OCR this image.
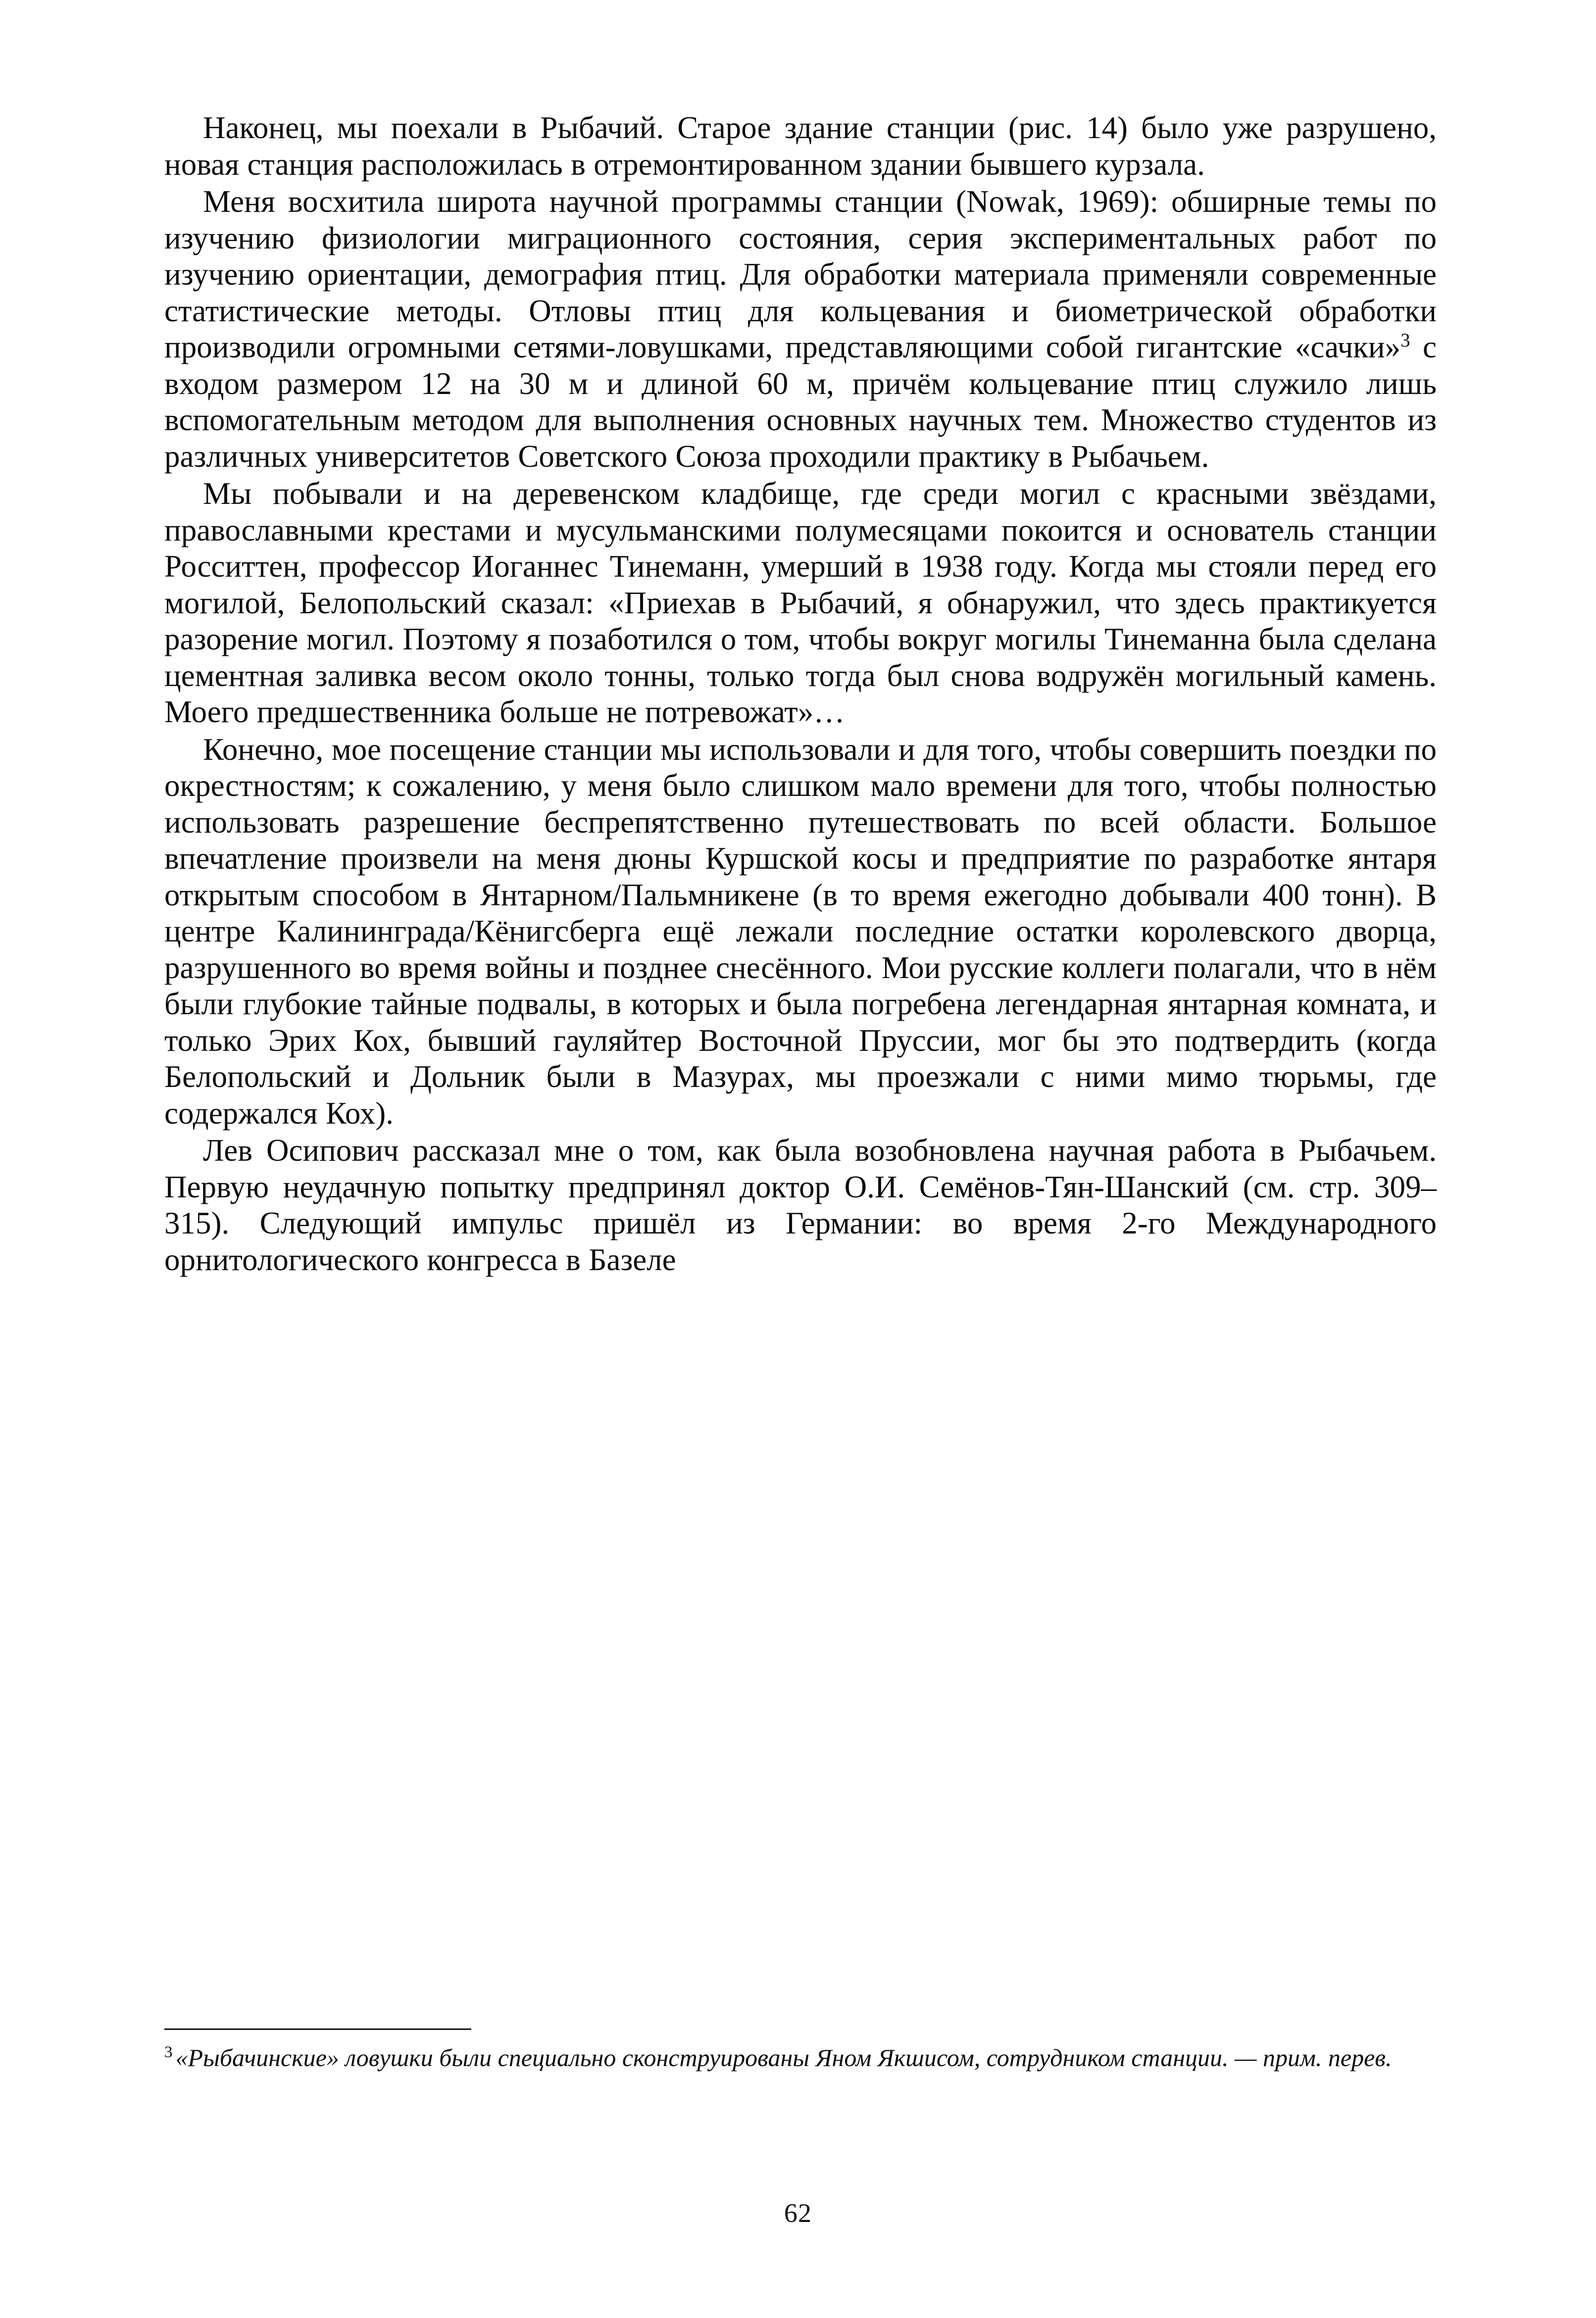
Наконец, мы поехали в Рыбачий. Старое здание станции (рис. 14) было уже разрушено, новая станция расположилась в отремонтированном здании бывшего курзала.

Меня восхитила широта научной программы станции (Nowak, 1969): обширные темы по изучению физиологии миграционного состояния, серия экспериментальных работ по изучению ориентации, демография птиц. Для обработки материала применяли современные статистические методы. Отловы птиц для кольцевания и биометрической обработки производили огромными сетями-ловушками, представляющими собой гигантские «сачки»$^3$ с входом размером 12 на 30 м и длиной 60 м, причём кольцевание птиц служило лишь вспомогательным методом для выполнения основных научных тем. Множество студентов из различных университетов Советского Союза проходили практику в Рыбачьем.

Мы побывали и на деревенском кладбище, где среди могил с красными звёздами, православными крестами и мусульманскими полумесяцами покоится и основатель станции Росситтен, профессор Иоганнес Тинеманн, умерший в 1938 году. Когда мы стояли перед его могилой, Белопольский сказал: «Приехав в Рыбачий, я обнаружил, что здесь практикуется разорение могил. Поэтому я позаботился о том, чтобы вокруг могилы Тинеманна была сделана цементная заливка весом около тонны, только тогда был снова водружён могильный камень. Моего предшественника больше не потревожат»…

Конечно, мое посещение станции мы использовали и для того, чтобы совершить поездки по окрестностям; к сожалению, у меня было слишком мало времени для того, чтобы полностью использовать разрешение беспрепятственно путешествовать по всей области. Большое впечатление произвели на меня дюны Куршской косы и предприятие по разработке янтаря открытым способом в Янтарном/Пальмникене (в то время ежегодно добывали 400 тонн). В центре Калининграда/Кёнигсберга ещё лежали последние остатки королевского дворца, разрушенного во время войны и позднее снесённого. Мои русские коллеги полагали, что в нём были глубокие тайные подвалы, в которых и была погребена легендарная янтарная комната, и только Эрих Кох, бывший гауляйтер Восточной Пруссии, мог бы это подтвердить (когда Белопольский и Дольник были в Мазурах, мы проезжали с ними мимо тюрьмы, где содержался Кох).

Лев Осипович рассказал мне о том, как была возобновлена научная работа в Рыбачьем. Первую неудачную попытку предпринял доктор О.И. Семёнов-Тян-Шанский (см. стр. 309–315). Следующий импульс пришёл из Германии: во время 2-го Международного орнитологического конгресса в Базеле

$^3$ «Рыбачинские» ловушки были специально сконструированы Яном Якшисом, сотрудником станции. — прим. перев.
62
